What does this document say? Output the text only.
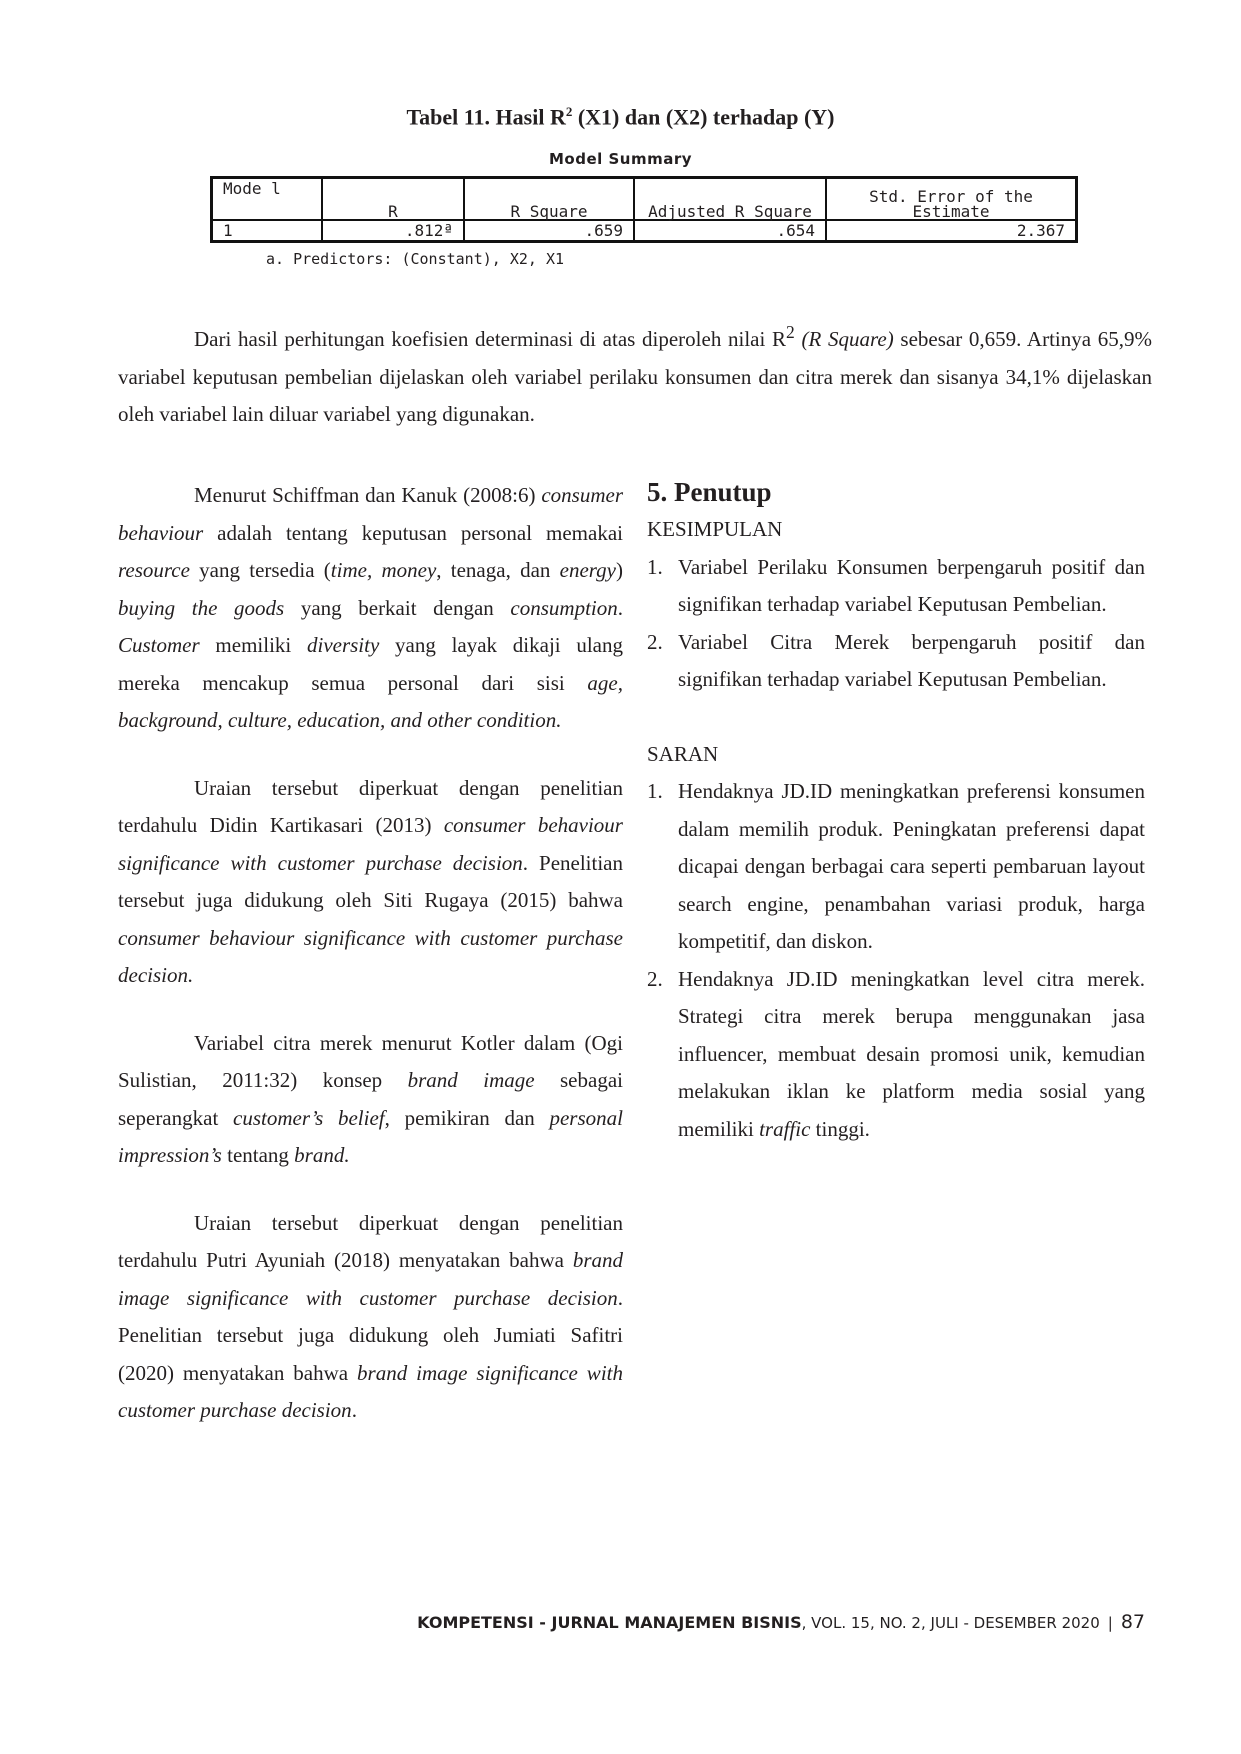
Tabel 11. Hasil $R^2$ (X1) dan (X2) terhadap (Y)
Model Summary
Mode l	R	R Square	Adjusted R Square	Std. Error of the Estimate
1	.812ª	.659	.654	2.367
a. Predictors: (Constant), X2, X1

Dari hasil perhitungan koefisien determinasi di atas diperoleh nilai $R^2$ (R Square) sebesar 0,659. Artinya 65,9% variabel keputusan pembelian dijelaskan oleh variabel perilaku konsumen dan citra merek dan sisanya 34,1% dijelaskan oleh variabel lain diluar variabel yang digunakan.

Menurut Schiffman dan Kanuk (2008:6) consumer behaviour adalah tentang keputusan personal memakai resource yang tersedia (time, money, tenaga, dan energy) buying the goods yang berkait dengan consumption. Customer memiliki diversity yang layak dikaji ulang mereka mencakup semua personal dari sisi age, background, culture, education, and other condition.

Uraian tersebut diperkuat dengan penelitian terdahulu Didin Kartikasari (2013) consumer behaviour significance with customer purchase decision. Penelitian tersebut juga didukung oleh Siti Rugaya (2015) bahwa consumer behaviour significance with customer purchase decision.

Variabel citra merek menurut Kotler dalam (Ogi Sulistian, 2011:32) konsep brand image sebagai seperangkat customer’s belief, pemikiran dan personal impression’s tentang brand.

Uraian tersebut diperkuat dengan penelitian terdahulu Putri Ayuniah (2018) menyatakan bahwa brand image significance with customer purchase decision. Penelitian tersebut juga didukung oleh Jumiati Safitri (2020) menyatakan bahwa brand image significance with customer purchase decision.

5. Penutup

KESIMPULAN

1. Variabel Perilaku Konsumen berpengaruh positif dan signifikan terhadap variabel Keputusan Pembelian.
2. Variabel Citra Merek berpengaruh positif dan signifikan terhadap variabel Keputusan Pembelian.

SARAN

1. Hendaknya JD.ID meningkatkan preferensi konsumen dalam memilih produk. Peningkatan preferensi dapat dicapai dengan berbagai cara seperti pembaruan layout search engine, penambahan variasi produk, harga kompetitif, dan diskon.
2. Hendaknya JD.ID meningkatkan level citra merek. Strategi citra merek berupa menggunakan jasa influencer, membuat desain promosi unik, kemudian melakukan iklan ke platform media sosial yang memiliki traffic tinggi.
KOMPETENSI - JURNAL MANAJEMEN BISNIS, VOL. 15, NO. 2, JULI - DESEMBER 2020 | 87
